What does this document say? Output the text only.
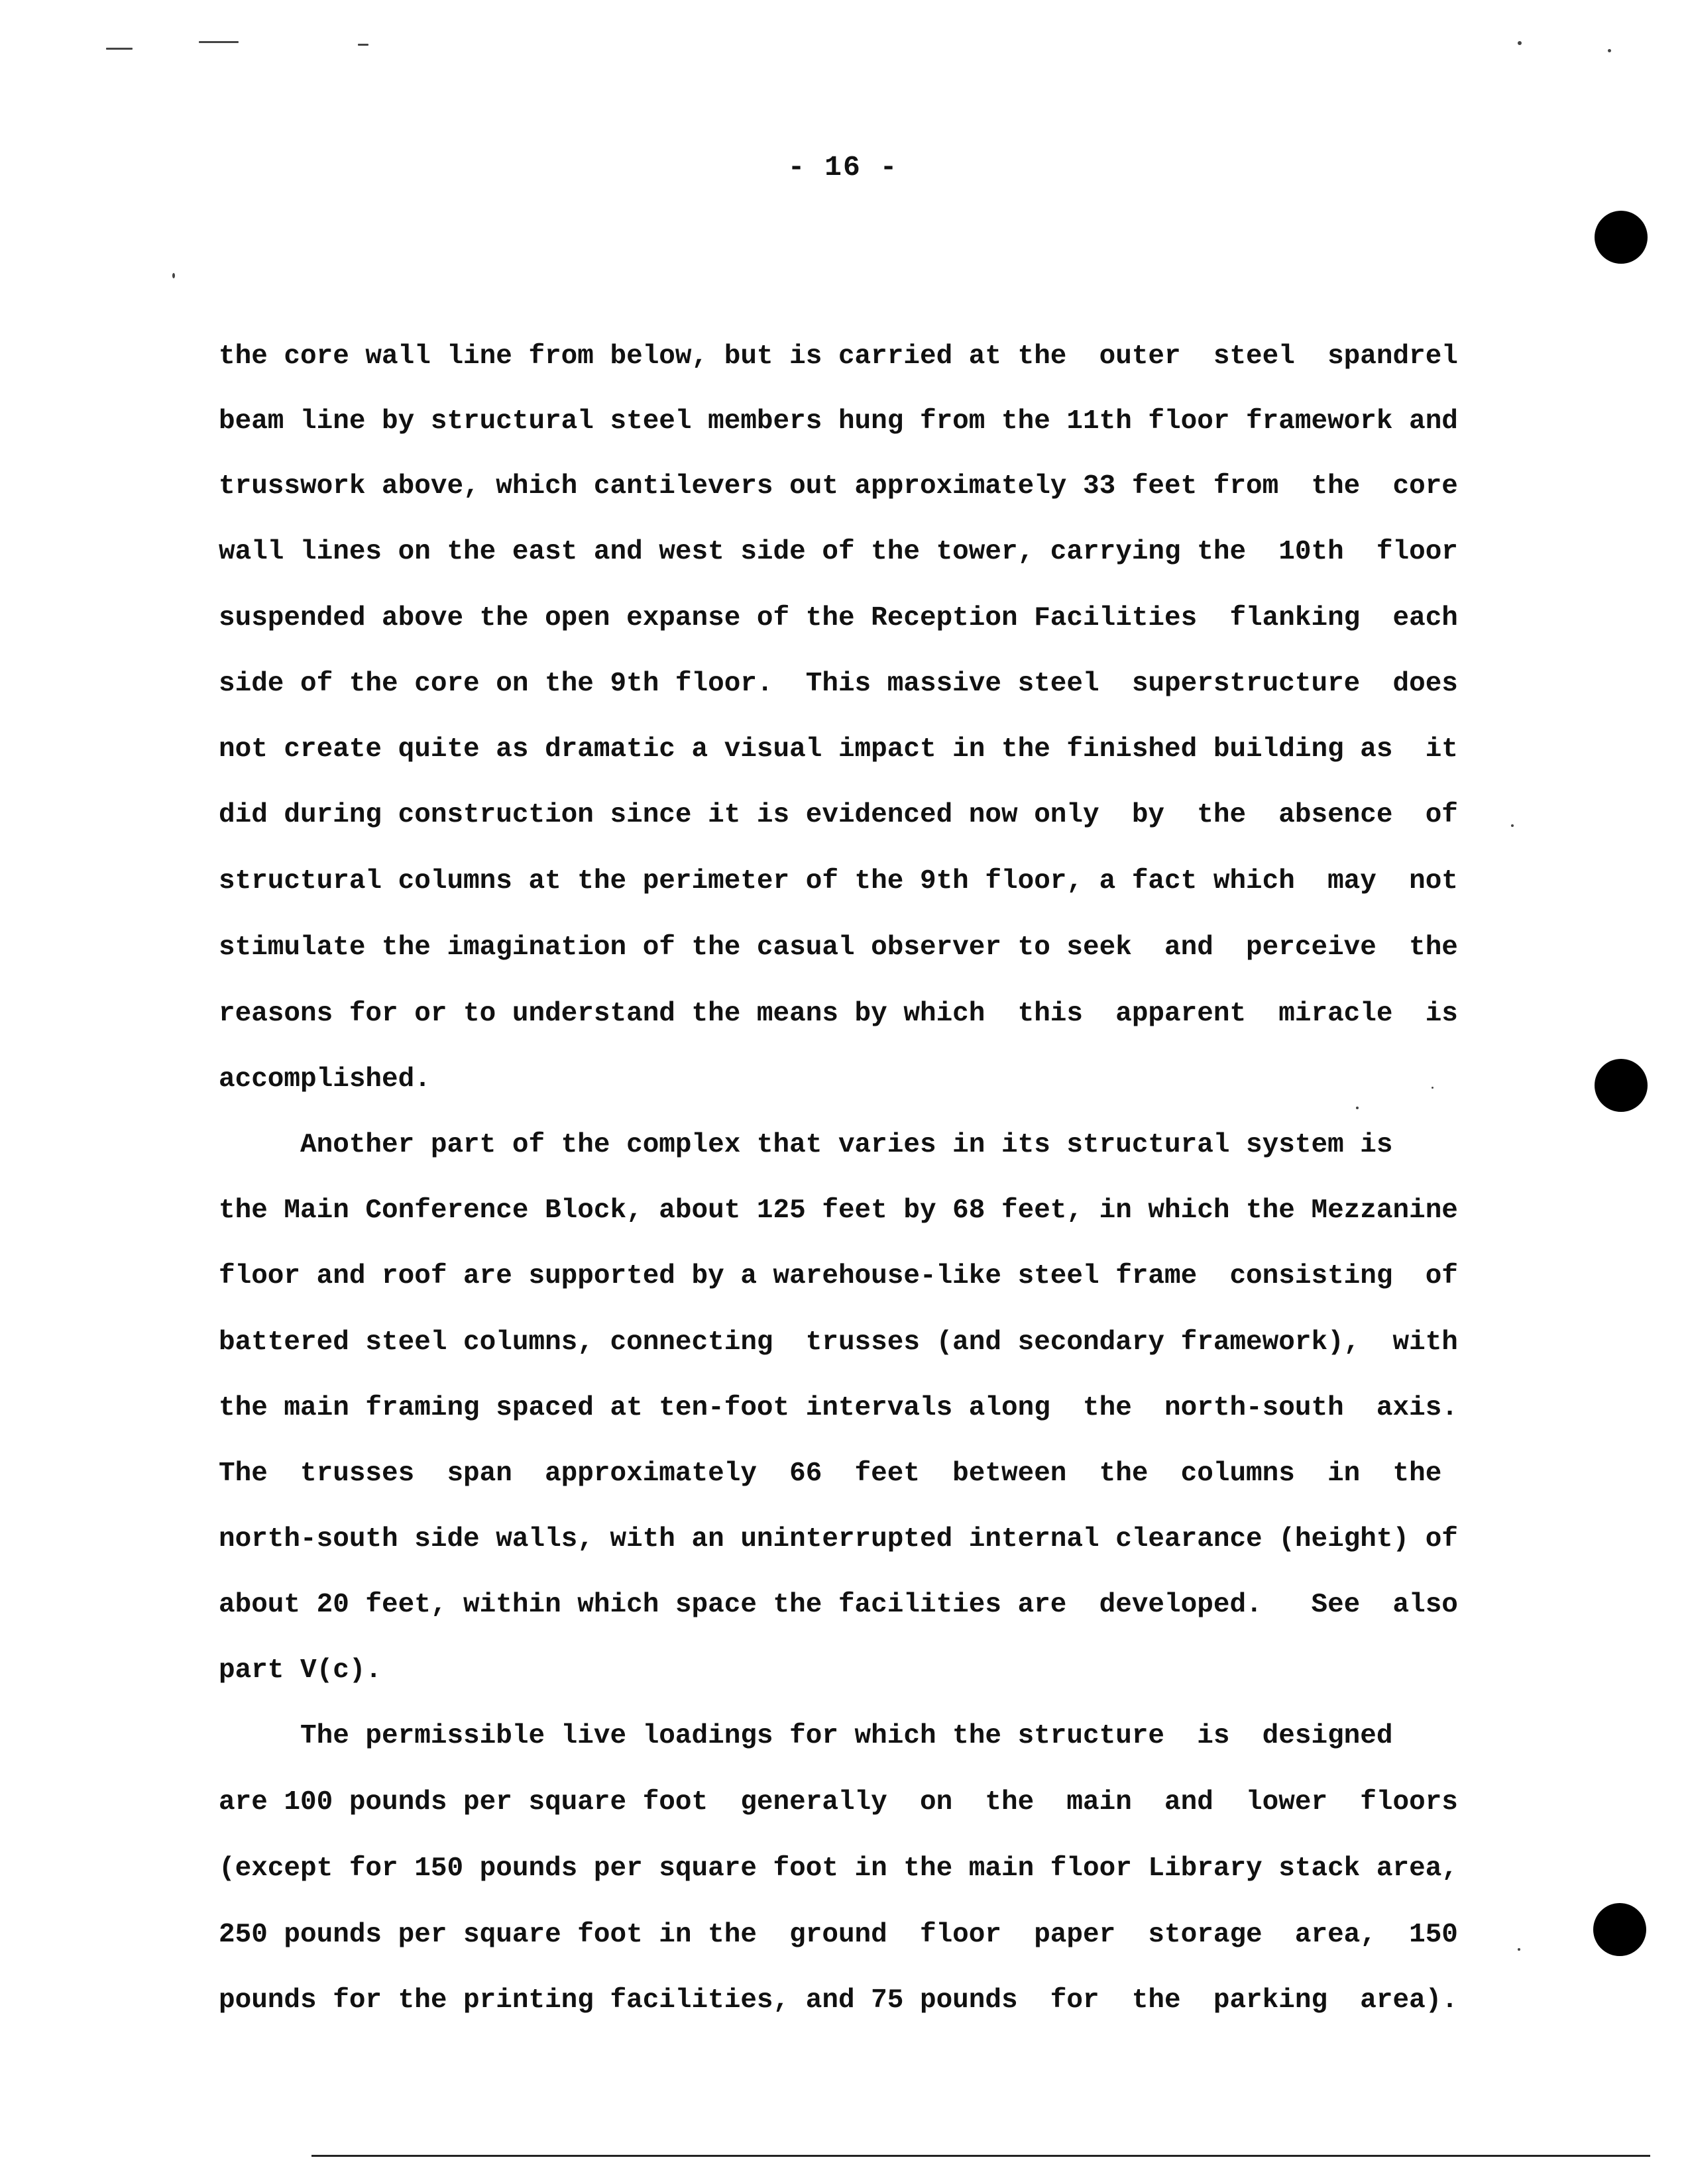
- 16 -
the core wall line from below, but is carried at the  outer  steel  spandrel
beam line by structural steel members hung from the 11th floor framework and
trusswork above, which cantilevers out approximately 33 feet from  the  core
wall lines on the east and west side of the tower, carrying the  10th  floor
suspended above the open expanse of the Reception Facilities  flanking  each
side of the core on the 9th floor.  This massive steel  superstructure  does
not create quite as dramatic a visual impact in the finished building as  it
did during construction since it is evidenced now only  by  the  absence  of
structural columns at the perimeter of the 9th floor, a fact which  may  not
stimulate the imagination of the casual observer to seek  and  perceive  the
reasons for or to understand the means by which  this  apparent  miracle  is
accomplished.
Another part of the complex that varies in its structural system is
the Main Conference Block, about 125 feet by 68 feet, in which the Mezzanine
floor and roof are supported by a warehouse-like steel frame  consisting  of
battered steel columns, connecting  trusses (and secondary framework),  with
the main framing spaced at ten-foot intervals along  the  north-south  axis.
The  trusses  span  approximately  66  feet  between  the  columns  in  the
north-south side walls, with an uninterrupted internal clearance (height) of
about 20 feet, within which space the facilities are  developed.   See  also
part V(c).
The permissible live loadings for which the structure  is  designed
are 100 pounds per square foot  generally  on  the  main  and  lower  floors
(except for 150 pounds per square foot in the main floor Library stack area,
250 pounds per square foot in the  ground  floor  paper  storage  area,  150
pounds for the printing facilities, and 75 pounds  for  the  parking  area).
